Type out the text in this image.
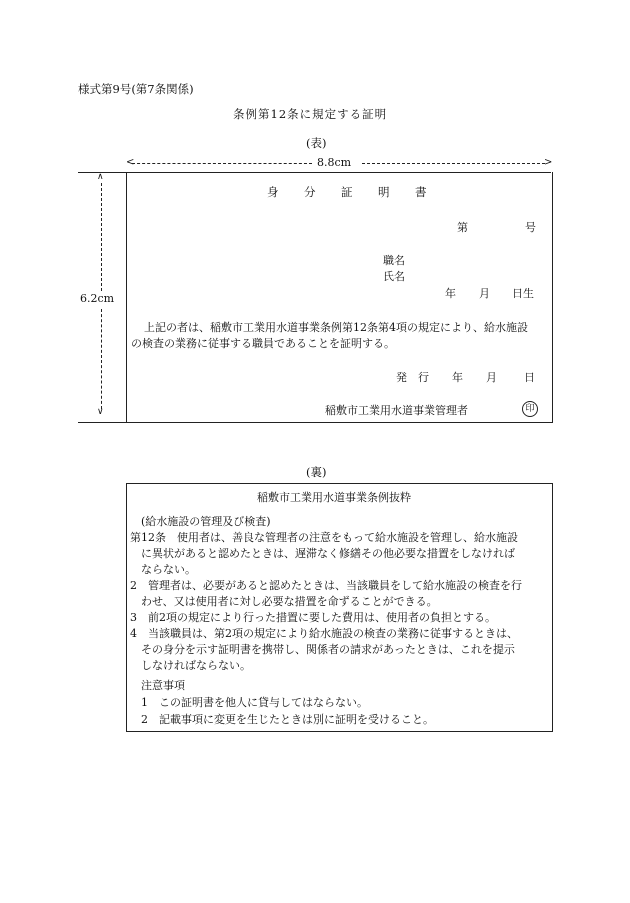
様式第9号(第7条関係)
条例第12条に規定する証明
(表)
<	8.8cm	>
∧
∨
6.2cm
身 分 証 明 書
第	号
職名
氏名
年 月 日生
上記の者は、稲敷市工業用水道事業条例第12条第4項の規定により、給水施設
の検査の業務に従事する職員であることを証明する。
発 行 年 月 日
稲敷市工業用水道事業管理者	印
(裏)
稲敷市工業用水道事業条例抜粋
(給水施設の管理及び検査)
第12条　使用者は、善良な管理者の注意をもって給水施設を管理し、給水施設
に異状があると認めたときは、遅滞なく修繕その他必要な措置をしなければ
ならない。
2　管理者は、必要があると認めたときは、当該職員をして給水施設の検査を行
わせ、又は使用者に対し必要な措置を命ずることができる。
3　前2項の規定により行った措置に要した費用は、使用者の負担とする。
4　当該職員は、第2項の規定により給水施設の検査の業務に従事するときは、
その身分を示す証明書を携帯し、関係者の請求があったときは、これを提示
しなければならない。
注意事項
1　この証明書を他人に貸与してはならない。
2　記載事項に変更を生じたときは別に証明を受けること。
